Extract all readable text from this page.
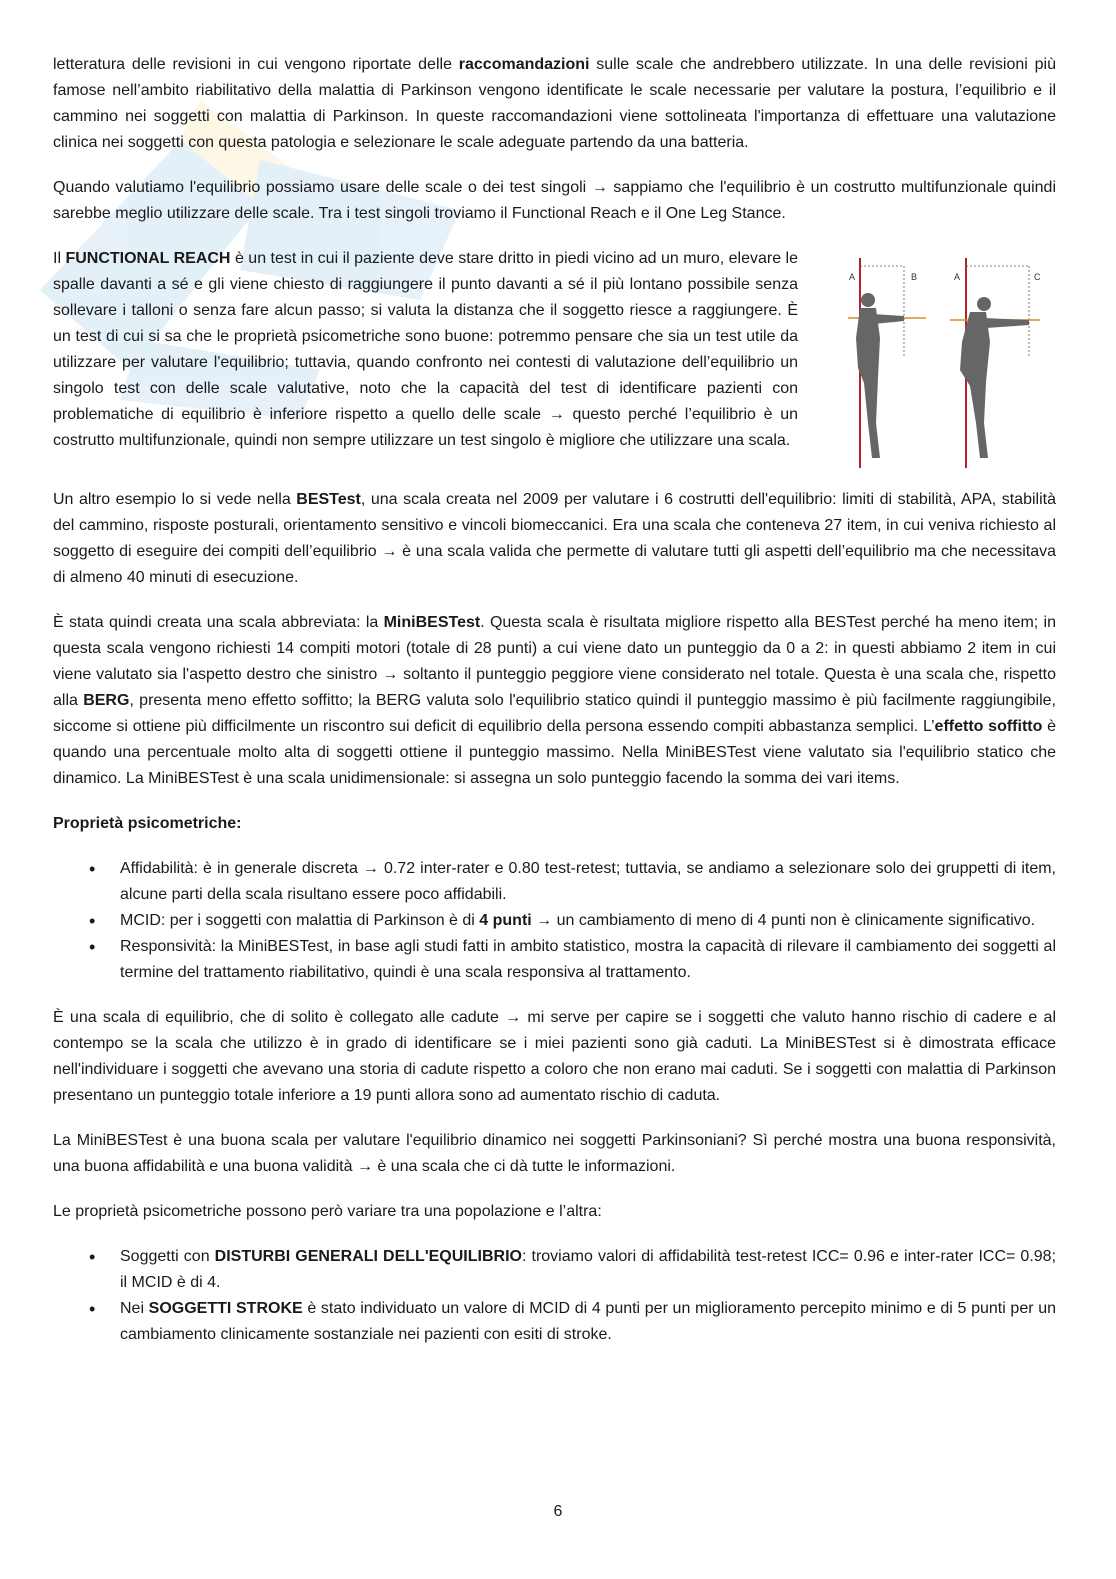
letteratura delle revisioni in cui vengono riportate delle raccomandazioni sulle scale che andrebbero utilizzate. In una delle revisioni più famose nell’ambito riabilitativo della malattia di Parkinson vengono identificate le scale necessarie per valutare la postura, l’equilibrio e il cammino nei soggetti con malattia di Parkinson. In queste raccomandazioni viene sottolineata l'importanza di effettuare una valutazione clinica nei soggetti con questa patologia e selezionare le scale adeguate partendo da una batteria.

Quando valutiamo l'equilibrio possiamo usare delle scale o dei test singoli → sappiamo che l'equilibrio è un costrutto multifunzionale quindi sarebbe meglio utilizzare delle scale. Tra i test singoli troviamo il Functional Reach e il One Leg Stance.

Il FUNCTIONAL REACH è un test in cui il paziente deve stare dritto in piedi vicino ad un muro, elevare le spalle davanti a sé e gli viene chiesto di raggiungere il punto davanti a sé il più lontano possibile senza sollevare i talloni o senza fare alcun passo; si valuta la distanza che il soggetto riesce a raggiungere. È un test di cui si sa che le proprietà psicometriche sono buone: potremmo pensare che sia un test utile da utilizzare per valutare l'equilibrio; tuttavia, quando confronto nei contesti di valutazione dell’equilibrio un singolo test con delle scale valutative, noto che la capacità del test di identificare pazienti con problematiche di equilibrio è inferiore rispetto a quello delle scale → questo perché l’equilibrio è un costrutto multifunzionale, quindi non sempre utilizzare un test singolo è migliore che utilizzare una scala.

A	B	A	C

Un altro esempio lo si vede nella BESTest, una scala creata nel 2009 per valutare i 6 costrutti dell'equilibrio: limiti di stabilità, APA, stabilità del cammino, risposte posturali, orientamento sensitivo e vincoli biomeccanici. Era una scala che conteneva 27 item, in cui veniva richiesto al soggetto di eseguire dei compiti dell’equilibrio → è una scala valida che permette di valutare tutti gli aspetti dell’equilibrio ma che necessitava di almeno 40 minuti di esecuzione.

È stata quindi creata una scala abbreviata: la MiniBESTest. Questa scala è risultata migliore rispetto alla BESTest perché ha meno item; in questa scala vengono richiesti 14 compiti motori (totale di 28 punti) a cui viene dato un punteggio da 0 a 2: in questi abbiamo 2 item in cui viene valutato sia l'aspetto destro che sinistro → soltanto il punteggio peggiore viene considerato nel totale. Questa è una scala che, rispetto alla BERG, presenta meno effetto soffitto; la BERG valuta solo l'equilibrio statico quindi il punteggio massimo è più facilmente raggiungibile, siccome si ottiene più difficilmente un riscontro sui deficit di equilibrio della persona essendo compiti abbastanza semplici. L’effetto soffitto è quando una percentuale molto alta di soggetti ottiene il punteggio massimo. Nella MiniBESTest viene valutato sia l'equilibrio statico che dinamico. La MiniBESTest è una scala unidimensionale: si assegna un solo punteggio facendo la somma dei vari items.

Proprietà psicometriche:

• Affidabilità: è in generale discreta → 0.72 inter-rater e 0.80 test-retest; tuttavia, se andiamo a selezionare solo dei gruppetti di item, alcune parti della scala risultano essere poco affidabili.
• MCID: per i soggetti con malattia di Parkinson è di 4 punti → un cambiamento di meno di 4 punti non è clinicamente significativo.
• Responsività: la MiniBESTest, in base agli studi fatti in ambito statistico, mostra la capacità di rilevare il cambiamento dei soggetti al termine del trattamento riabilitativo, quindi è una scala responsiva al trattamento.

È una scala di equilibrio, che di solito è collegato alle cadute → mi serve per capire se i soggetti che valuto hanno rischio di cadere e al contempo se la scala che utilizzo è in grado di identificare se i miei pazienti sono già caduti. La MiniBESTest si è dimostrata efficace nell'individuare i soggetti che avevano una storia di cadute rispetto a coloro che non erano mai caduti. Se i soggetti con malattia di Parkinson presentano un punteggio totale inferiore a 19 punti allora sono ad aumentato rischio di caduta.

La MiniBESTest è una buona scala per valutare l'equilibrio dinamico nei soggetti Parkinsoniani? Sì perché mostra una buona responsività, una buona affidabilità e una buona validità → è una scala che ci dà tutte le informazioni.

Le proprietà psicometriche possono però variare tra una popolazione e l’altra:

• Soggetti con DISTURBI GENERALI DELL'EQUILIBRIO: troviamo valori di affidabilità test-retest ICC= 0.96 e inter-rater ICC= 0.98; il MCID è di 4.
• Nei SOGGETTI STROKE è stato individuato un valore di MCID di 4 punti per un miglioramento percepito minimo e di 5 punti per un cambiamento clinicamente sostanziale nei pazienti con esiti di stroke.
6
